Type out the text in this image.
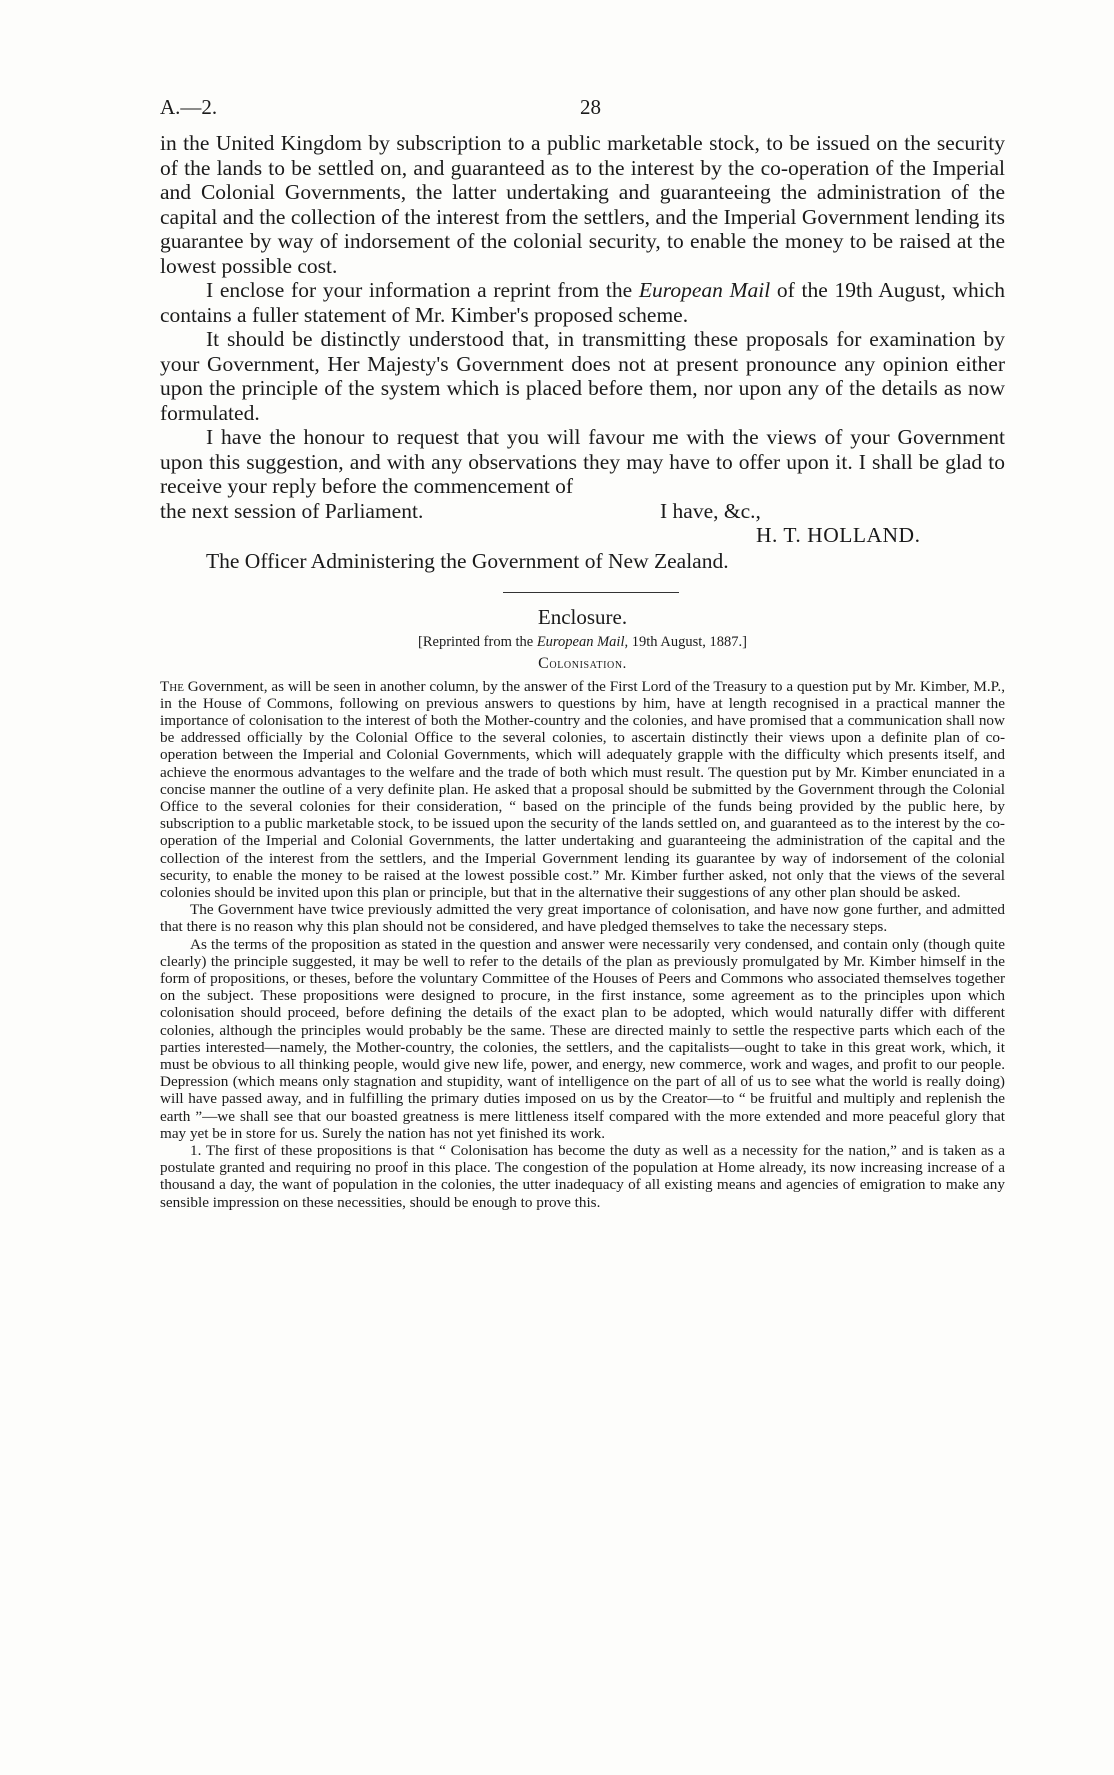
A.—2.	28

in the United Kingdom by subscription to a public marketable stock, to be issued on the security of the lands to be settled on, and guaranteed as to the interest by the co-operation of the Imperial and Colonial Governments, the latter undertaking and guaranteeing the administration of the capital and the collection of the interest from the settlers, and the Imperial Government lending its guarantee by way of indorsement of the colonial security, to enable the money to be raised at the lowest possible cost.

I enclose for your information a reprint from the European Mail of the 19th August, which contains a fuller statement of Mr. Kimber's proposed scheme.

It should be distinctly understood that, in transmitting these proposals for examination by your Government, Her Majesty's Government does not at present pronounce any opinion either upon the principle of the system which is placed before them, nor upon any of the details as now formulated.

I have the honour to request that you will favour me with the views of your Government upon this suggestion, and with any observations they may have to offer upon it. I shall be glad to receive your reply before the commencement of

the next session of Parliament.	I have, &c.,
H. T. HOLLAND.
The Officer Administering the Government of New Zealand.
Enclosure.
[Reprinted from the European Mail, 19th August, 1887.]
Colonisation.

The Government, as will be seen in another column, by the answer of the First Lord of the Treasury to a question put by Mr. Kimber, M.P., in the House of Commons, following on previous answers to questions by him, have at length recognised in a practical manner the importance of colonisation to the interest of both the Mother-country and the colonies, and have promised that a communication shall now be addressed officially by the Colonial Office to the several colonies, to ascertain distinctly their views upon a definite plan of co-operation between the Imperial and Colonial Governments, which will adequately grapple with the difficulty which presents itself, and achieve the enormous advantages to the welfare and the trade of both which must result. The question put by Mr. Kimber enunciated in a concise manner the outline of a very definite plan. He asked that a proposal should be submitted by the Government through the Colonial Office to the several colonies for their consideration, “ based on the principle of the funds being provided by the public here, by subscription to a public marketable stock, to be issued upon the security of the lands settled on, and guaranteed as to the interest by the co-operation of the Imperial and Colonial Governments, the latter undertaking and guaranteeing the administration of the capital and the collection of the interest from the settlers, and the Imperial Government lending its guarantee by way of indorsement of the colonial security, to enable the money to be raised at the lowest possible cost.” Mr. Kimber further asked, not only that the views of the several colonies should be invited upon this plan or principle, but that in the alternative their suggestions of any other plan should be asked.

The Government have twice previously admitted the very great importance of colonisation, and have now gone further, and admitted that there is no reason why this plan should not be considered, and have pledged themselves to take the necessary steps.

As the terms of the proposition as stated in the question and answer were necessarily very condensed, and contain only (though quite clearly) the principle suggested, it may be well to refer to the details of the plan as previously promulgated by Mr. Kimber himself in the form of propositions, or theses, before the voluntary Committee of the Houses of Peers and Commons who associated themselves together on the subject. These propositions were designed to procure, in the first instance, some agreement as to the principles upon which colonisation should proceed, before defining the details of the exact plan to be adopted, which would naturally differ with different colonies, although the principles would probably be the same. These are directed mainly to settle the respective parts which each of the parties interested—namely, the Mother-country, the colonies, the settlers, and the capitalists—ought to take in this great work, which, it must be obvious to all thinking people, would give new life, power, and energy, new commerce, work and wages, and profit to our people. Depression (which means only stagnation and stupidity, want of intelligence on the part of all of us to see what the world is really doing) will have passed away, and in fulfilling the primary duties imposed on us by the Creator—to “ be fruitful and multiply and replenish the earth ”—we shall see that our boasted greatness is mere littleness itself compared with the more extended and more peaceful glory that may yet be in store for us. Surely the nation has not yet finished its work.

1. The first of these propositions is that “ Colonisation has become the duty as well as a necessity for the nation,” and is taken as a postulate granted and requiring no proof in this place. The congestion of the population at Home already, its now increasing increase of a thousand a day, the want of population in the colonies, the utter inadequacy of all existing means and agencies of emigration to make any sensible impression on these necessities, should be enough to prove this.
